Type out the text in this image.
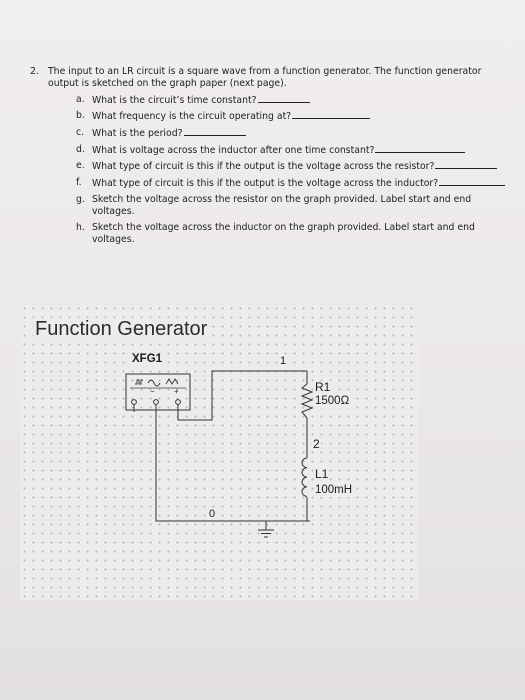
2. The input to an LR circuit is a square wave from a function generator. The function generator output is sketched on the graph paper (next page).
a. What is the circuit’s time constant?
b. What frequency is the circuit operating at?
c. What is the period?
d. What is voltage across the inductor after one time constant?
e. What type of circuit is this if the output is the voltage across the resistor?
f.	What type of circuit is this if the output is the voltage across the inductor?
g. Sketch the voltage across the resistor on the graph provided. Label start and end voltages.
h. Sketch the voltage across the inductor on the graph provided. Label start and end voltages.
Function Generator
− +
XFG1	1
R1
1500Ω
2
L1
100mH
0
